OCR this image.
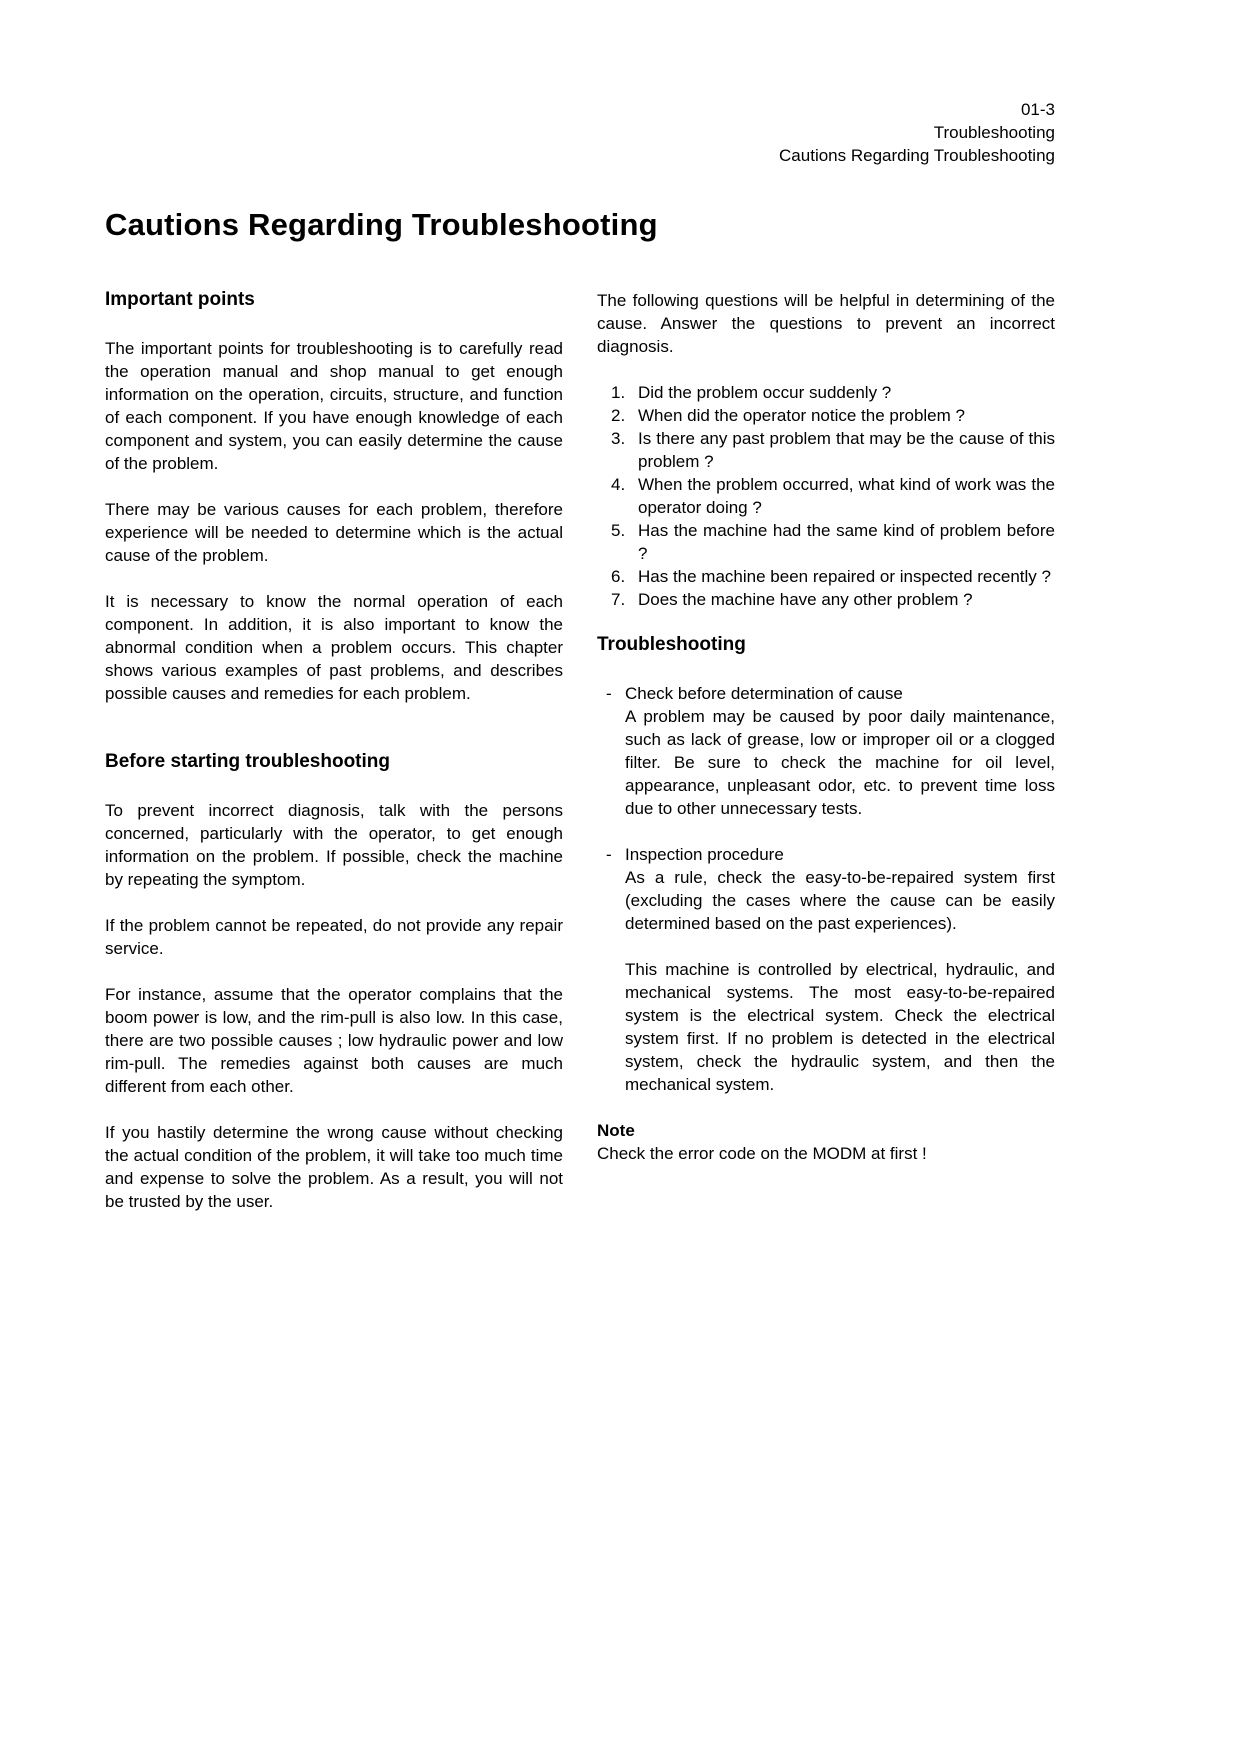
01-3
Troubleshooting
Cautions Regarding Troubleshooting
Cautions Regarding Troubleshooting
Important points

The important points for troubleshooting is to carefully read the operation manual and shop manual to get enough information on the operation, circuits, structure, and function of each component. If you have enough knowledge of each component and system, you can easily determine the cause of the problem.

There may be various causes for each problem, therefore experience will be needed to determine which is the actual cause of the problem.

It is necessary to know the normal operation of each component. In addition, it is also important to know the abnormal condition when a problem occurs. This chapter shows various examples of past problems, and describes possible causes and remedies for each problem.

Before starting troubleshooting

To prevent incorrect diagnosis, talk with the persons concerned, particularly with the operator, to get enough information on the problem. If possible, check the machine by repeating the symptom.

If the problem cannot be repeated, do not provide any repair service.

For instance, assume that the operator complains that the boom power is low, and the rim-pull is also low. In this case, there are two possible causes ; low hydraulic power and low rim-pull. The remedies against both causes are much different from each other.

If you hastily determine the wrong cause without checking the actual condition of the problem, it will take too much time and expense to solve the problem. As a result, you will not be trusted by the user.

The following questions will be helpful in determining of the cause. Answer the questions to prevent an incorrect diagnosis.

Did the problem occur suddenly ?
When did the operator notice the problem ?
Is there any past problem that may be the cause of this problem ?
When the problem occurred, what kind of work was the operator doing ?
Has the machine had the same kind of problem before ?
Has the machine been repaired or inspected recently ?
Does the machine have any other problem ?
Troubleshooting
- Check before determination of cause

A problem may be caused by poor daily maintenance, such as lack of grease, low or improper oil or a clogged filter. Be sure to check the machine for oil level, appearance, unpleasant odor, etc. to prevent time loss due to other unnecessary tests.

- Inspection procedure

As a rule, check the easy-to-be-repaired system first (excluding the cases where the cause can be easily determined based on the past experiences).

This machine is controlled by electrical, hydraulic, and mechanical systems. The most easy-to-be-repaired system is the electrical system. Check the electrical system first. If no problem is detected in the electrical system, check the hydraulic system, and then the mechanical system.

Note
Check the error code on the MODM at first !
